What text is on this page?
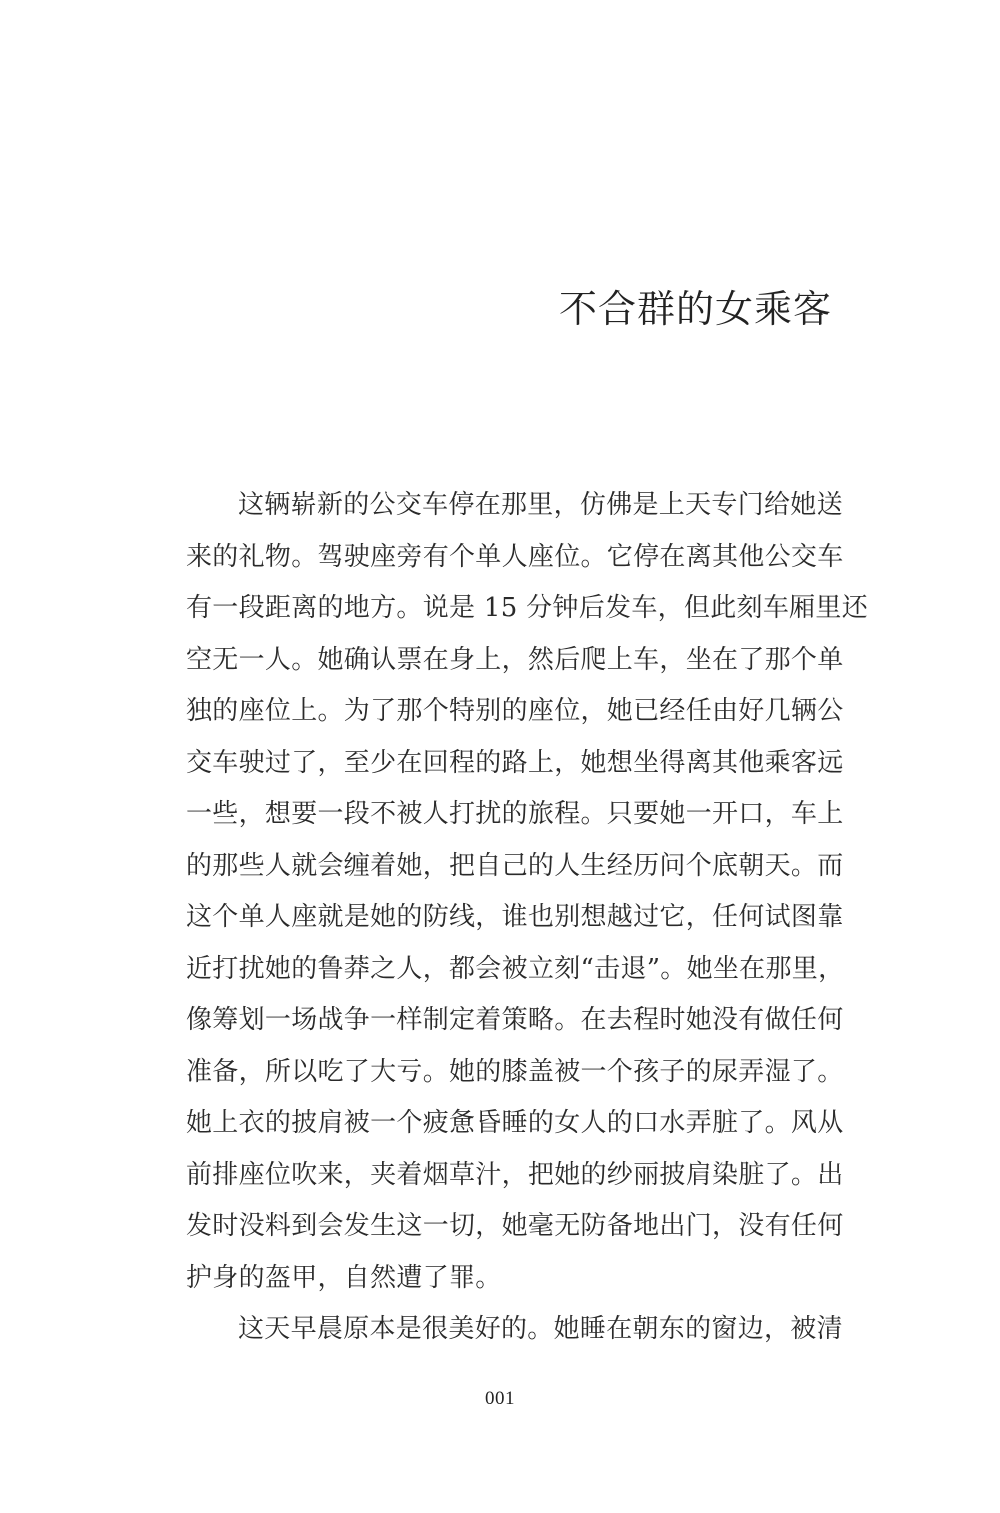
不合群的女乘客
这辆崭新的公交车停在那里，仿佛是上天专门给她送
来的礼物。驾驶座旁有个单人座位。它停在离其他公交车
有一段距离的地方。说是 15 分钟后发车，但此刻车厢里还
空无一人。她确认票在身上，然后爬上车，坐在了那个单
独的座位上。为了那个特别的座位，她已经任由好几辆公
交车驶过了，至少在回程的路上，她想坐得离其他乘客远
一些，想要一段不被人打扰的旅程。只要她一开口，车上
的那些人就会缠着她，把自己的人生经历问个底朝天。而
这个单人座就是她的防线，谁也别想越过它，任何试图靠
近打扰她的鲁莽之人，都会被立刻“击退”。她坐在那里，
像筹划一场战争一样制定着策略。在去程时她没有做任何
准备，所以吃了大亏。她的膝盖被一个孩子的尿弄湿了。
她上衣的披肩被一个疲惫昏睡的女人的口水弄脏了。风从
前排座位吹来，夹着烟草汁，把她的纱丽披肩染脏了。出
发时没料到会发生这一切，她毫无防备地出门，没有任何
护身的盔甲，自然遭了罪。
这天早晨原本是很美好的。她睡在朝东的窗边，被清
001
